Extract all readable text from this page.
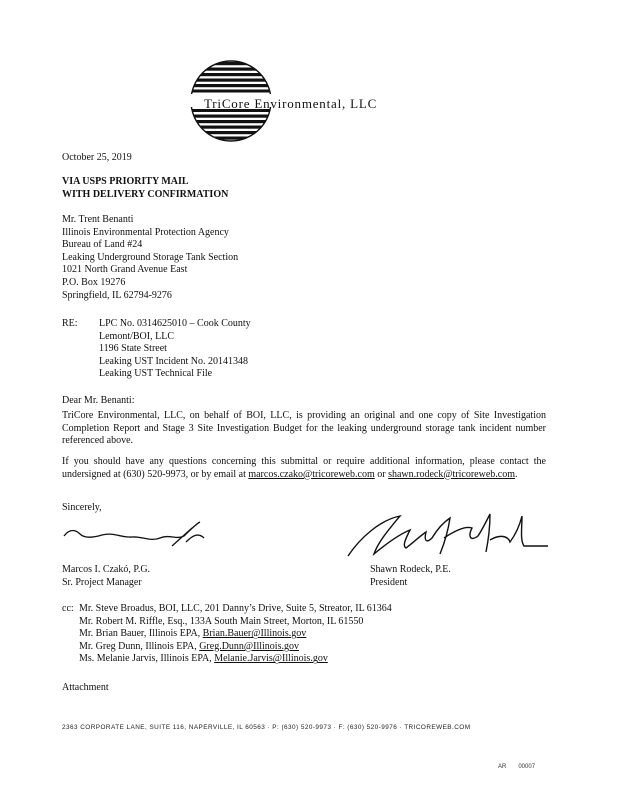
TriCore Environmental, LLC
October 25, 2019
VIA USPS PRIORITY MAIL
WITH DELIVERY CONFIRMATION
Mr. Trent Benanti
Illinois Environmental Protection Agency
Bureau of Land #24
Leaking Underground Storage Tank Section
1021 North Grand Avenue East
P.O. Box 19276
Springfield, IL 62794-9276
RE: LPC No. 0314625010 – Cook County
Lemont/BOI, LLC
1196 State Street
Leaking UST Incident No. 20141348
Leaking UST Technical File
Dear Mr. Benanti:
TriCore Environmental, LLC, on behalf of BOI, LLC, is providing an original and one copy of Site Investigation Completion Report and Stage 3 Site Investigation Budget for the leaking underground storage tank incident number referenced above.
If you should have any questions concerning this submittal or require additional information, please contact the undersigned at (630) 520-9973, or by email at marcos.czako@tricoreweb.com or shawn.rodeck@tricoreweb.com.
Sincerely,
Marcos I. Czakó, P.G.
Sr. Project Manager
Shawn Rodeck, P.E.
President
cc: Mr. Steve Broadus, BOI, LLC, 201 Danny’s Drive, Suite 5, Streator, IL 61364
Mr. Robert M. Riffle, Esq., 133A South Main Street, Morton, IL 61550
Mr. Brian Bauer, Illinois EPA, Brian.Bauer@Illinois.gov
Mr. Greg Dunn, Illinois EPA, Greg.Dunn@Illinois.gov
Ms. Melanie Jarvis, Illinois EPA, Melanie.Jarvis@Illinois.gov
Attachment
2363 CORPORATE LANE, SUITE 116, NAPERVILLE, IL 60563 · P: (630) 520-9973 · F: (630) 520-9976 · TRICOREWEB.COM
AR 00007
